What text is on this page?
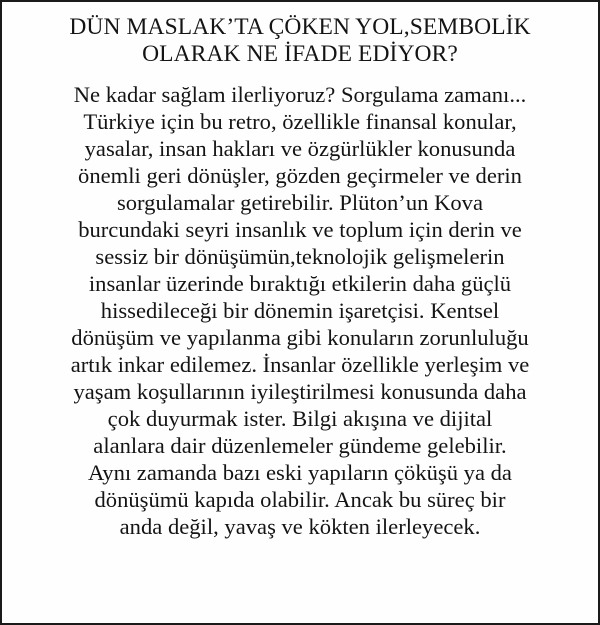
DÜN MASLAK’TA ÇÖKEN YOL,SEMBOLİK
OLARAK NE İFADE EDİYOR?
Ne kadar sağlam ilerliyoruz? Sorgulama zamanı...
Türkiye için bu retro, özellikle finansal konular,
yasalar, insan hakları ve özgürlükler konusunda
önemli geri dönüşler, gözden geçirmeler ve derin
sorgulamalar getirebilir. Plüton’un Kova
burcundaki seyri insanlık ve toplum için derin ve
sessiz bir dönüşümün,teknolojik gelişmelerin
insanlar üzerinde bıraktığı etkilerin daha güçlü
hissedileceği bir dönemin işaretçisi. Kentsel
dönüşüm ve yapılanma gibi konuların zorunluluğu
artık inkar edilemez. İnsanlar özellikle yerleşim ve
yaşam koşullarının iyileştirilmesi konusunda daha
çok duyurmak ister. Bilgi akışına ve dijital
alanlara dair düzenlemeler gündeme gelebilir.
Aynı zamanda bazı eski yapıların çöküşü ya da
dönüşümü kapıda olabilir. Ancak bu süreç bir
anda değil, yavaş ve kökten ilerleyecek.
